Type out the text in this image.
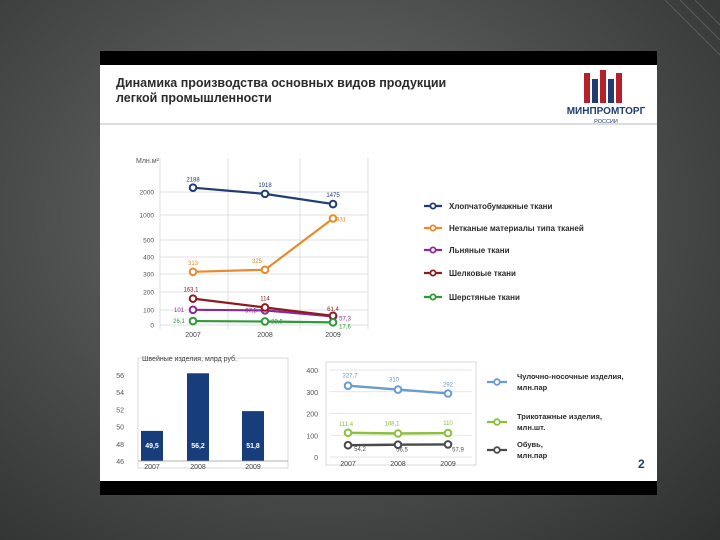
Динамика производства основных видов продукции
легкой промышленности
МИНПРОМТОРГ
РОССИИ
Млн.м²
0
100
200
300
400
500
1000
2000
2007	2008	2009
2188
1918
1475
Хлопчатобумажные ткани
313	325
931
Нетканые материалы типа тканей
101	97,5
57,3
Льняные ткани
163,1
114
61,4
Шелковые ткани
26,1	23,5
17,6
Шерстяные ткани
Швейные изделия, млрд руб.
56
54
52
50
48
46
49,5
2007
56,2
2008
51,8
2009
0
100
200
300
400
2007	2008	2009
327,7
310
292
Чулочно-носочные изделия, млн.пар
111,4	108,1	110
Трикотажные изделия, млн.шт.
54,2	56,5	57,9
Обувь, млн.пар
2
